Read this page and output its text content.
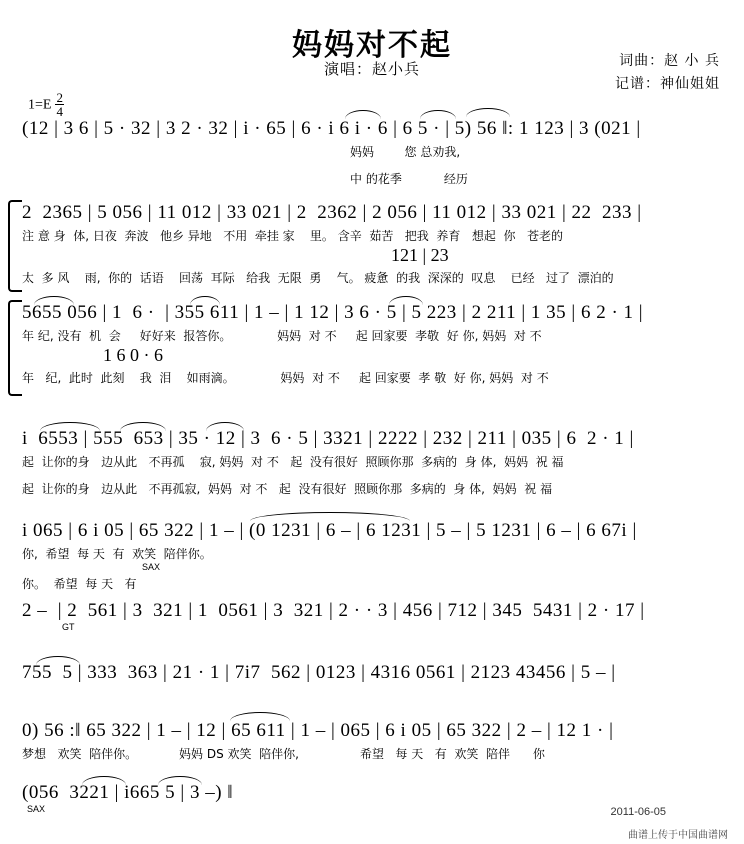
妈妈对不起
演唱：赵小兵	词曲：赵 小 兵
记谱：神仙姐姐
$1=E \frac{2}{4}$
(12 | 3 6 | 5 · 32 | 3 2 · 32 | i · 65 | 6 · i 6 i · 6 | 6 5 · | 5) 56 ‖: 1 123 | 3 (021 |
妈妈        您 总劝我,
中 的花季           经历
2  2365 | 5 056 | 11 012 | 33 021 | 2  2362 | 2 056 | 11 012 | 33 021 | 22  233 |
注 意 身  体, 日夜  奔波   他乡 异地   不用  牵挂 家    里。 含辛  茹苦   把我  养育   想起  你   苍老的
121 | 23
太  多 风    雨,  你的  话语    回荡  耳际   给我  无限  勇    气。 疲惫  的我  深深的  叹息    已经   过了  漂泊的
5655 056 | 1  6 ·  | 355 611 | 1 – | 1 12 | 3 6 · 5 | 5 223 | 2 211 | 1 35 | 6 2 · 1 |
年 纪, 没有  机  会     好好来  报答你。            妈妈  对 不     起 回家要  孝敬  好 你, 妈妈  对 不
1 6 0 · 6
年   纪,  此时  此刻    我  泪    如雨滴。            妈妈  对 不     起 回家要  孝 敬  好 你, 妈妈  对 不
i  6553 | 555  653 | 35 · 12 | 3  6 · 5 | 3321 | 2222 | 232 | 211 | 035 | 6  2 · 1 |
起  让你的身   边从此   不再孤    寂, 妈妈  对 不   起  没有很好  照顾你那  多病的  身 体,  妈妈  祝 福
起  让你的身   边从此   不再孤寂,  妈妈  对 不   起  没有很好  照顾你那  多病的  身 体,  妈妈  祝 福
i 065 | 6 i 05 | 65 322 | 1 – | (0 1231 | 6 – | 6 1231 | 5 – | 5 1231 | 6 – | 6 67i |
你,  希望  每 天  有  欢笑  陪伴你。
SAX
你。  希望  每 天   有
2 –  | 2  561 | 3  321 | 1  0561 | 3  321 | 2 · · 3 | 456 | 712 | 345  5431 | 2 · 17 |
GT
755  5 | 333  363 | 21 · 1 | 7i7  562 | 0123 | 4316 0561 | 2123 43456 | 5 – |
0) 56 :‖ 65 322 | 1 – | 12 | 65 611 | 1 – | 065 | 6 i 05 | 65 322 | 2 – | 12 1 · |
梦想   欢笑  陪伴你。           妈妈 DS 欢笑  陪伴你,                希望   每 天   有  欢笑  陪伴      你
(056  3221 | i665 5 | 3 –) ‖
SAX	2011-06-05
曲谱上传于中国曲谱网
